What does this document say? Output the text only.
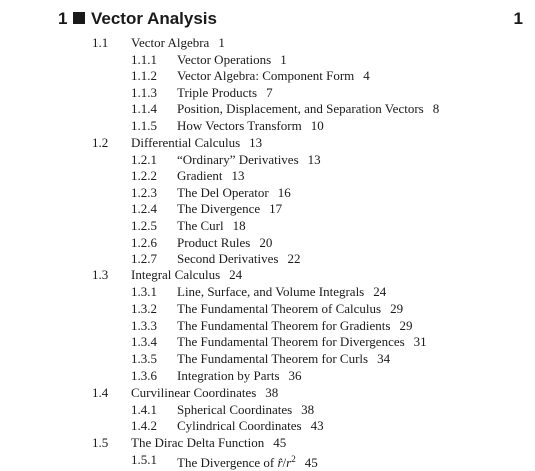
1 Vector Analysis	1
1.1 Vector Algebra 1
1.1.1 Vector Operations 1
1.1.2 Vector Algebra: Component Form 4
1.1.3 Triple Products 7
1.1.4 Position, Displacement, and Separation Vectors 8
1.1.5 How Vectors Transform 10
1.2 Differential Calculus 13
1.2.1 “Ordinary” Derivatives 13
1.2.2 Gradient 13
1.2.3 The Del Operator 16
1.2.4 The Divergence 17
1.2.5 The Curl 18
1.2.6 Product Rules 20
1.2.7 Second Derivatives 22
1.3 Integral Calculus 24
1.3.1 Line, Surface, and Volume Integrals 24
1.3.2 The Fundamental Theorem of Calculus 29
1.3.3 The Fundamental Theorem for Gradients 29
1.3.4 The Fundamental Theorem for Divergences 31
1.3.5 The Fundamental Theorem for Curls 34
1.3.6 Integration by Parts 36
1.4 Curvilinear Coordinates 38
1.4.1 Spherical Coordinates 38
1.4.2 Cylindrical Coordinates 43
1.5 The Dirac Delta Function 45
1.5.1 The Divergence of $r̂/r^2$ 45
